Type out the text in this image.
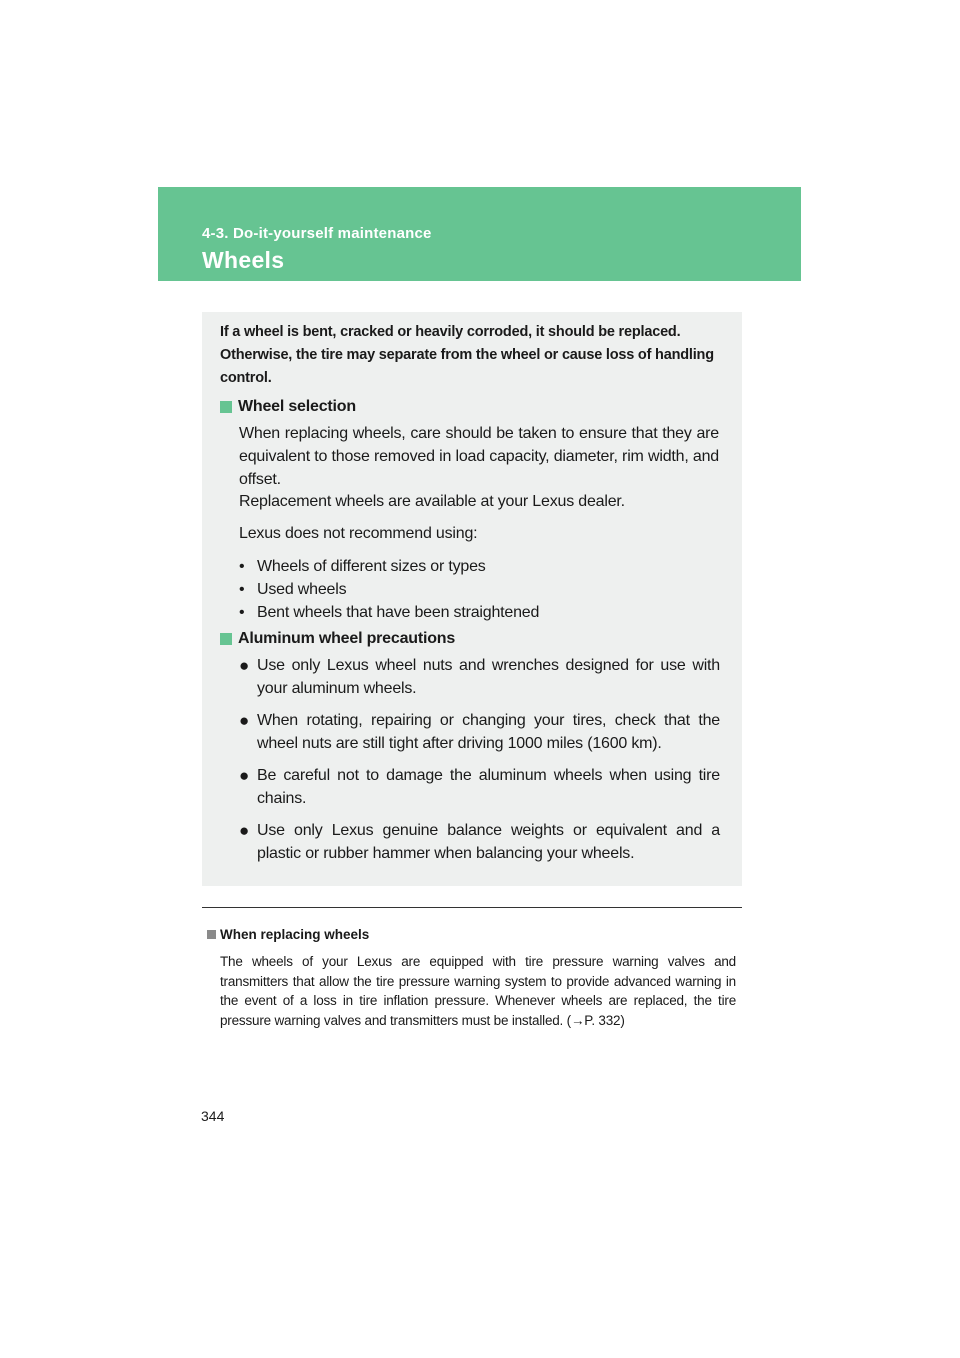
4-3. Do-it-yourself maintenance
Wheels
If a wheel is bent, cracked or heavily corroded, it should be replaced. Otherwise, the tire may separate from the wheel or cause loss of handling control.
Wheel selection
When replacing wheels, care should be taken to ensure that they are equivalent to those removed in load capacity, diameter, rim width, and offset.
Replacement wheels are available at your Lexus dealer.
Lexus does not recommend using:
• Wheels of different sizes or types
• Used wheels
• Bent wheels that have been straightened
Aluminum wheel precautions
● Use only Lexus wheel nuts and wrenches designed for use with your aluminum wheels.
● When rotating, repairing or changing your tires, check that the wheel nuts are still tight after driving 1000 miles (1600 km).
● Be careful not to damage the aluminum wheels when using tire chains.
● Use only Lexus genuine balance weights or equivalent and a plastic or rubber hammer when balancing your wheels.
When replacing wheels
The wheels of your Lexus are equipped with tire pressure warning valves and transmitters that allow the tire pressure warning system to provide advanced warning in the event of a loss in tire inflation pressure. Whenever wheels are replaced, the tire pressure warning valves and transmitters must be installed. (→P. 332)
344
